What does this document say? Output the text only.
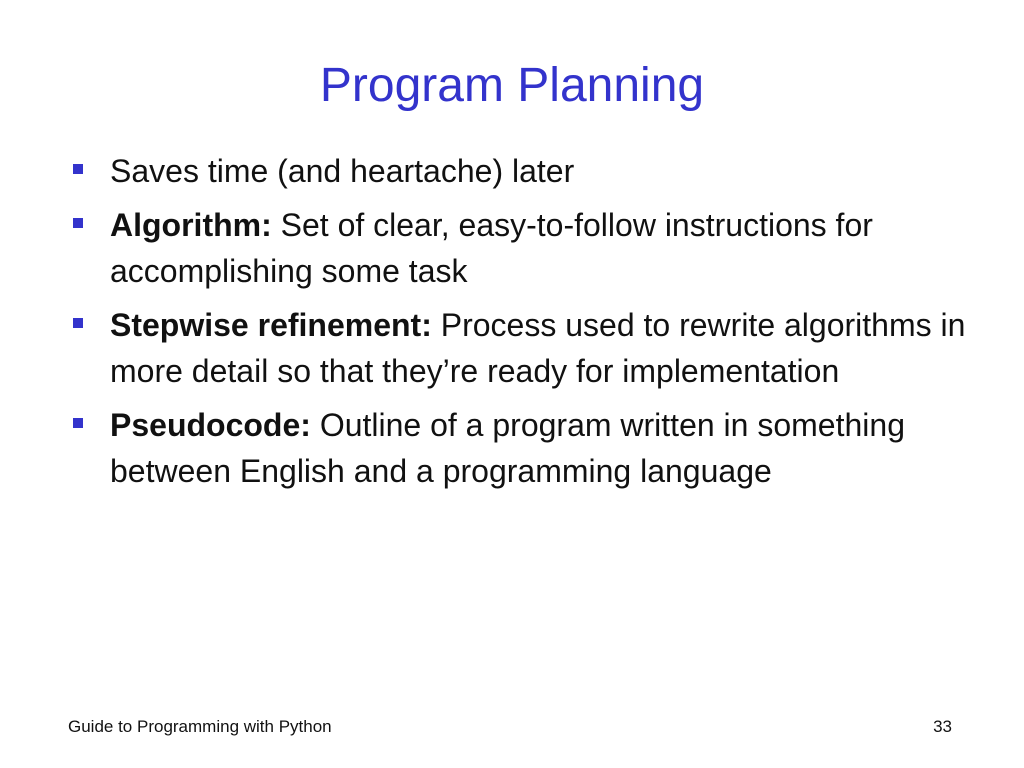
Program Planning
Saves time (and heartache) later
Algorithm: Set of clear, easy-to-follow instructions for accomplishing some task
Stepwise refinement: Process used to rewrite algorithms in more detail so that they’re ready for implementation
Pseudocode: Outline of a program written in something between English and a programming language
Guide to Programming with Python	33
